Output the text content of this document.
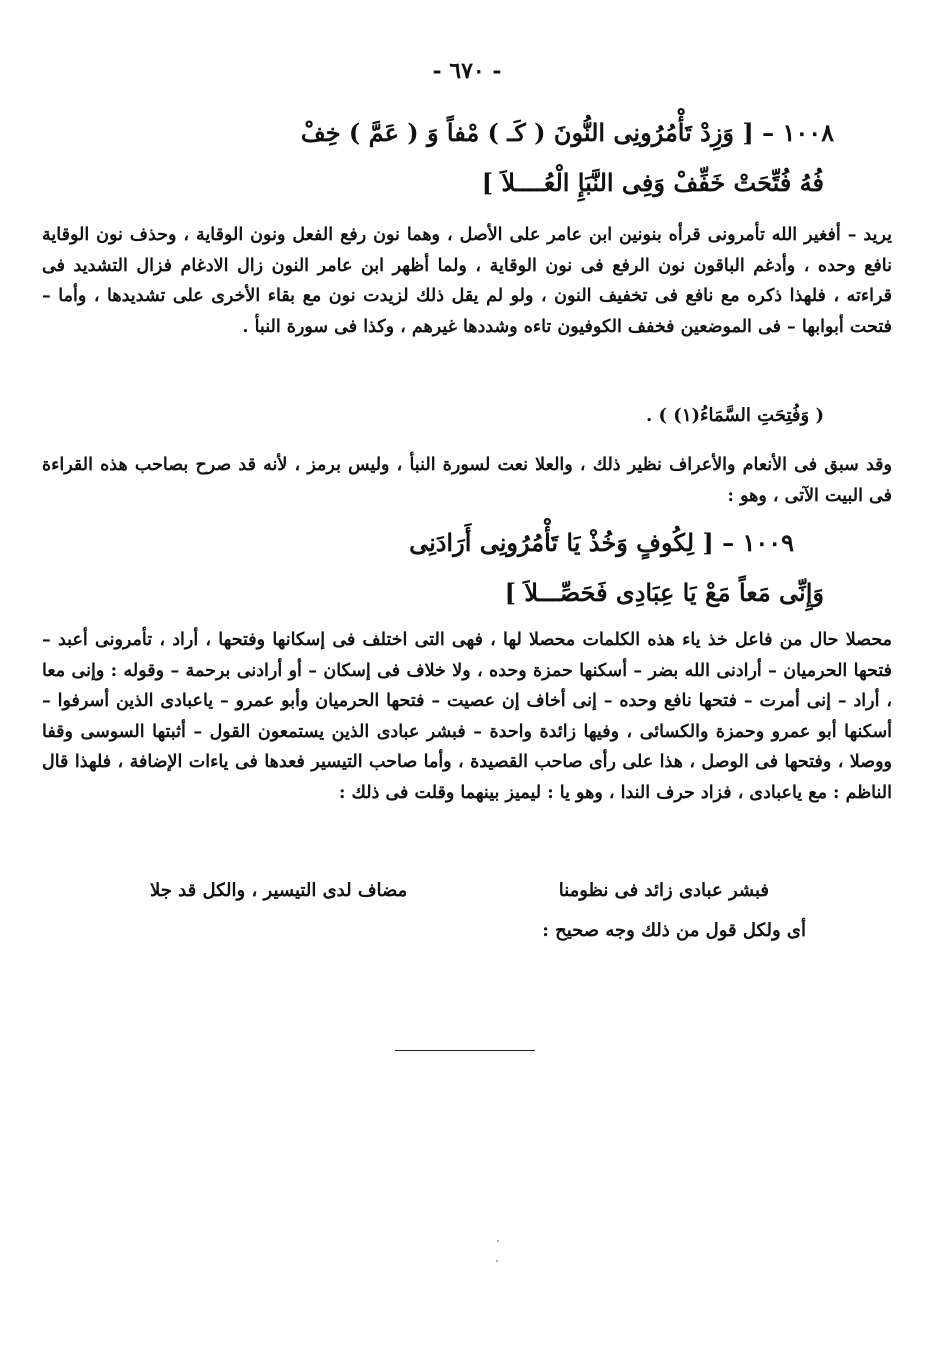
- ٦٧٠ -
١٠٠٨ – [ وَزِدْ تَأْمُرُونِى النُّونَ ( كَـ ) مْفاً وَ ( عَمَّ ) خِفْ
فُهُ فُتِّحَتْ خَفِّفْ وَفِى النَّبَإِ الْعُــــلاَ ]

يريد – أفغير الله تأمرونى قرأه بنونين ابن عامر على الأصل ، وهما نون رفع الفعل ونون الوقاية ، وحذف نون الوقاية نافع وحده ، وأدغم الباقون نون الرفع فى نون الوقاية ، ولما أظهر ابن عامر النون زال الادغام فزال التشديد فى قراءته ، فلهذا ذكره مع نافع فى تخفيف النون ، ولو لم يقل ذلك لزيدت نون مع بقاء الأخرى على تشديدها ، وأما – فتحت أبوابها – فى الموضعين فخفف الكوفيون تاءه وشددها غيرهم ، وكذا فى سورة النبأ .

( وَفُتِحَتِ السَّمَاءُ(١) ) .

وقد سبق فى الأنعام والأعراف نظير ذلك ، والعلا نعت لسورة النبأ ، وليس برمز ، لأنه قد صرح بصاحب هذه القراءة فى البيت الآتى ، وهو :

١٠٠٩ – [ لِكُوفٍ وَخُذْ يَا تَأْمُرُونِى أَرَادَنِى
وَإِنِّى مَعاً مَعْ يَا عِبَادِى فَحَصِّـــلاَ ]

محصلا حال من فاعل خذ ياء هذه الكلمات محصلا لها ، فهى التى اختلف فى إسكانها وفتحها ، أراد ، تأمرونى أعبد – فتحها الحرميان – أرادنى الله بضر – أسكنها حمزة وحده ، ولا خلاف فى إسكان – أو أرادنى برحمة – وقوله : وإنى معا ، أراد – إنى أمرت – فتحها نافع وحده – إنى أخاف إن عصيت – فتحها الحرميان وأبو عمرو – ياعبادى الذين أسرفوا – أسكنها أبو عمرو وحمزة والكسائى ، وفيها زائدة واحدة – فبشر عبادى الذين يستمعون القول – أثبتها السوسى وقفا ووصلا ، وفتحها فى الوصل ، هذا على رأى صاحب القصيدة ، وأما صاحب التيسير فعدها فى ياءات الإضافة ، فلهذا قال الناظم : مع ياعبادى ، فزاد حرف الندا ، وهو يا : ليميز بينهما وقلت فى ذلك :

فبشر عبادى زائد فى نظومنا
مضاف لدى التيسير ، والكل قد جلا
أى ولكل قول من ذلك وجه صحيح :
